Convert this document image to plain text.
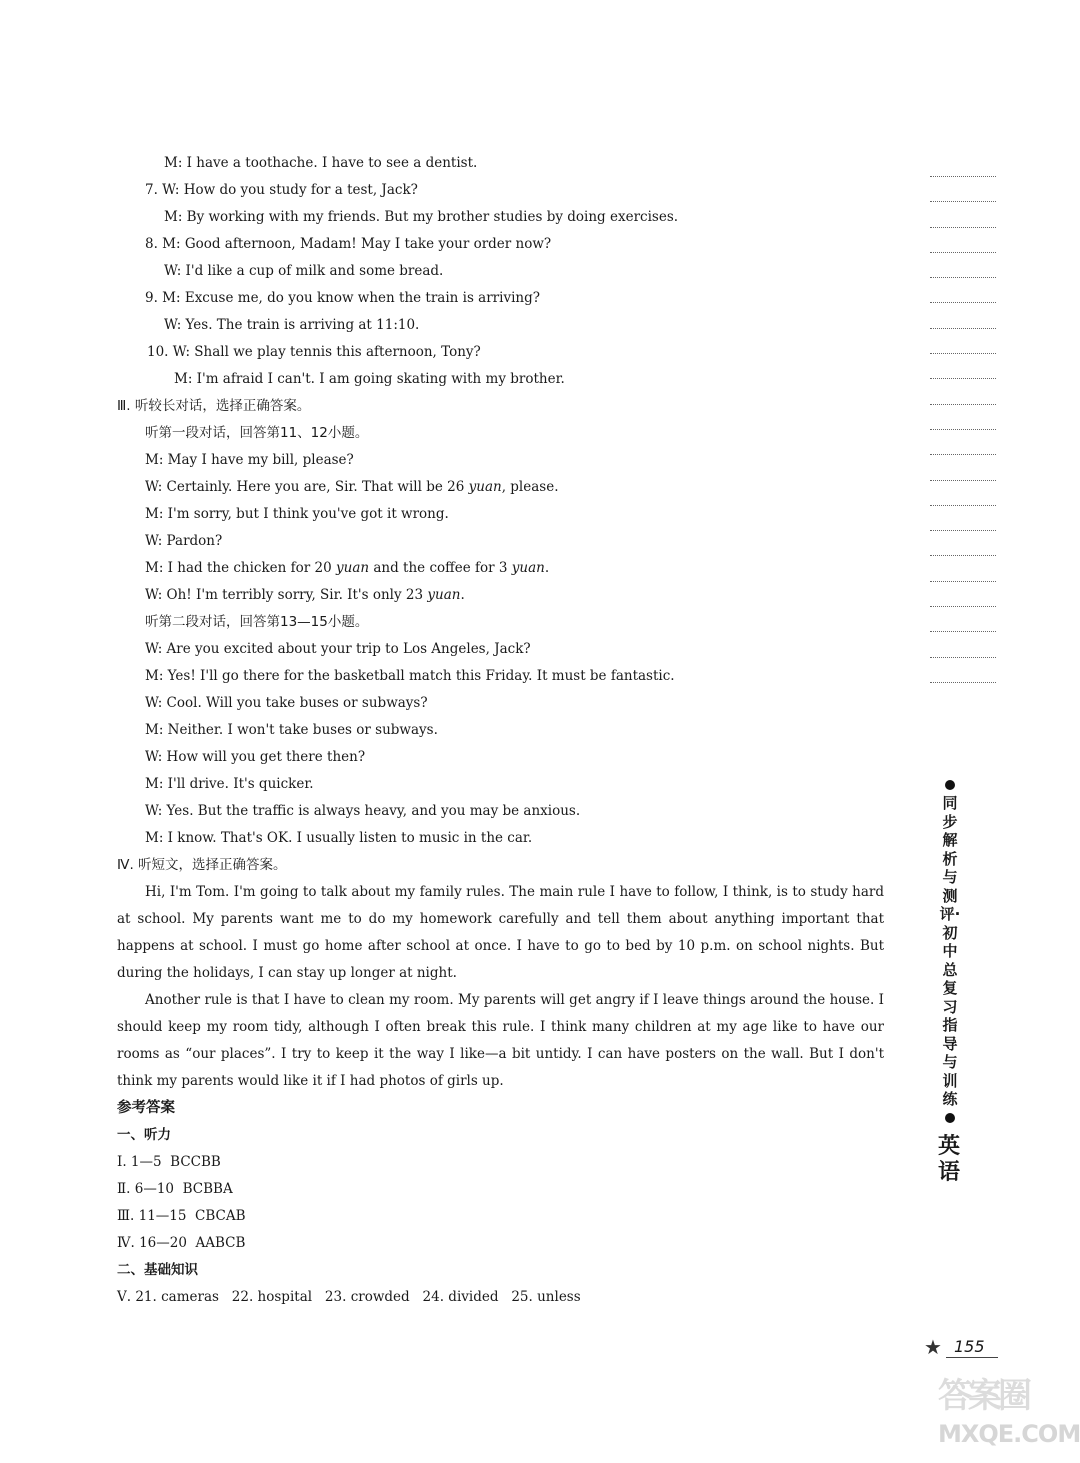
M: I have a toothache. I have to see a dentist.
7. W: How do you study for a test, Jack?
M: By working with my friends. But my brother studies by doing exercises.
8. M: Good afternoon, Madam! May I take your order now?
W: I'd like a cup of milk and some bread.
9. M: Excuse me, do you know when the train is arriving?
W: Yes. The train is arriving at 11:10.
10. W: Shall we play tennis this afternoon, Tony?
M: I'm afraid I can't. I am going skating with my brother.
Ⅲ. 听较长对话，选择正确答案。
听第一段对话，回答第11、12小题。
M: May I have my bill, please?
W: Certainly. Here you are, Sir. That will be 26 yuan, please.
M: I'm sorry, but I think you've got it wrong.
W: Pardon?
M: I had the chicken for 20 yuan and the coffee for 3 yuan.
W: Oh! I'm terribly sorry, Sir. It's only 23 yuan.
听第二段对话，回答第13—15小题。
W: Are you excited about your trip to Los Angeles, Jack?
M: Yes! I'll go there for the basketball match this Friday. It must be fantastic.
W: Cool. Will you take buses or subways?
M: Neither. I won't take buses or subways.
W: How will you get there then?
M: I'll drive. It's quicker.
W: Yes. But the traffic is always heavy, and you may be anxious.
M: I know. That's OK. I usually listen to music in the car.
Ⅳ. 听短文，选择正确答案。

Hi, I'm Tom. I'm going to talk about my family rules. The main rule I have to follow, I think, is to study hard at school. My parents want me to do my homework carefully and tell them about anything important that happens at school. I must go home after school at once. I have to go to bed by 10 p.m. on school nights. But during the holidays, I can stay up longer at night.

Another rule is that I have to clean my room. My parents will get angry if I leave things around the house. I should keep my room tidy, although I often break this rule. I think many children at my age like to have our rooms as “our places”. I try to keep it the way I like—a bit untidy. I can have posters on the wall. But I don't think my parents would like it if I had photos of girls up.

参考答案
一、听力
Ⅰ. 1—5  BCCBB
Ⅱ. 6—10  BCBBA
Ⅲ. 11—15  CBCAB
Ⅳ. 16—20  AABCB
二、基础知识
Ⅴ. 21. cameras   22. hospital   23. crowded   24. divided   25. unless
同步解析与测评·初中总复习指导与训练
英语
★ 155
答案圈
MXQE.COM
